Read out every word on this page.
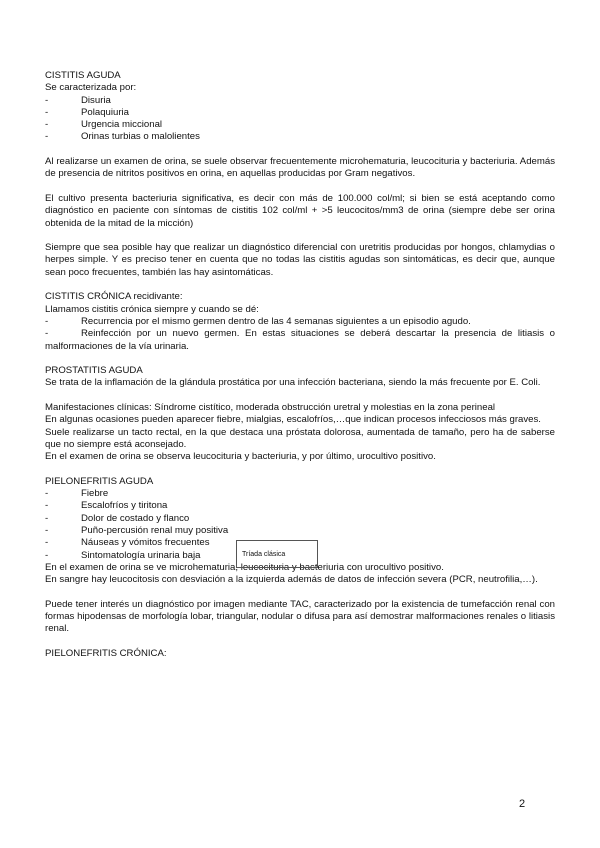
CISTITIS AGUDA

Se caracterizada por:

-	Disuria
-	Polaquiuria
-	Urgencia miccional
-	Orinas turbias o malolientes

Al realizarse un examen de orina, se suele observar frecuentemente microhematuria, leucocituria y bacteriuria. Además de presencia de nitritos positivos en orina, en aquellas producidas por Gram negativos.

El cultivo presenta bacteriuria significativa, es decir con más de 100.000 col/ml; si bien se está aceptando como diagnóstico en paciente con síntomas de cistitis 102 col/ml + >5 leucocitos/mm3 de orina (siempre debe ser orina obtenida de la mitad de la micción)

Siempre que sea posible hay que realizar un diagnóstico diferencial con uretritis producidas por hongos, chlamydias o herpes simple. Y es preciso tener en cuenta que no todas las cistitis agudas son sintomáticas, es decir que, aunque sean poco frecuentes, también las hay asintomáticas.

CISTITIS CRÓNICA recidivante:

Llamamos cistitis crónica siempre y cuando se dé:

-	Recurrencia por el mismo germen dentro de las 4 semanas siguientes a un episodio agudo.

-	Reinfección por un nuevo germen. En estas situaciones se deberá descartar la presencia de litiasis o malformaciones de la vía urinaria.

PROSTATITIS AGUDA

Se trata de la inflamación de la glándula prostática por una infección bacteriana, siendo la más frecuente por E. Coli.

Manifestaciones clínicas: Síndrome cistítico, moderada obstrucción uretral y molestias en la zona perineal

En algunas ocasiones pueden aparecer fiebre, mialgias, escalofríos,…que indican procesos infecciosos más graves.

Suele realizarse un tacto rectal, en la que destaca una próstata dolorosa, aumentada de tamaño, pero ha de saberse que no siempre está aconsejado.

En el examen de orina se observa leucocituria y bacteriuria, y por último, urocultivo positivo.

PIELONEFRITIS AGUDA

-	Fiebre
-	Escalofríos y tiritona
-	Dolor de costado y flanco
-	Puño-percusión renal muy positiva
-	Náuseas y vómitos frecuentes
-	Sintomatología urinaria baja

En el examen de orina se ve microhematuria, leucocituria y bacteriuria con urocultivo positivo.

En sangre hay leucocitosis con desviación a la izquierda además de datos de infección severa (PCR, neutrofilia,…).

Puede tener interés un diagnóstico por imagen mediante TAC, caracterizado por la existencia de tumefacción renal con formas hipodensas de morfología lobar, triangular, nodular o difusa para así demostrar malformaciones renales o litiasis renal.

PIELONEFRITIS CRÓNICA:

Tríada clásica
2
